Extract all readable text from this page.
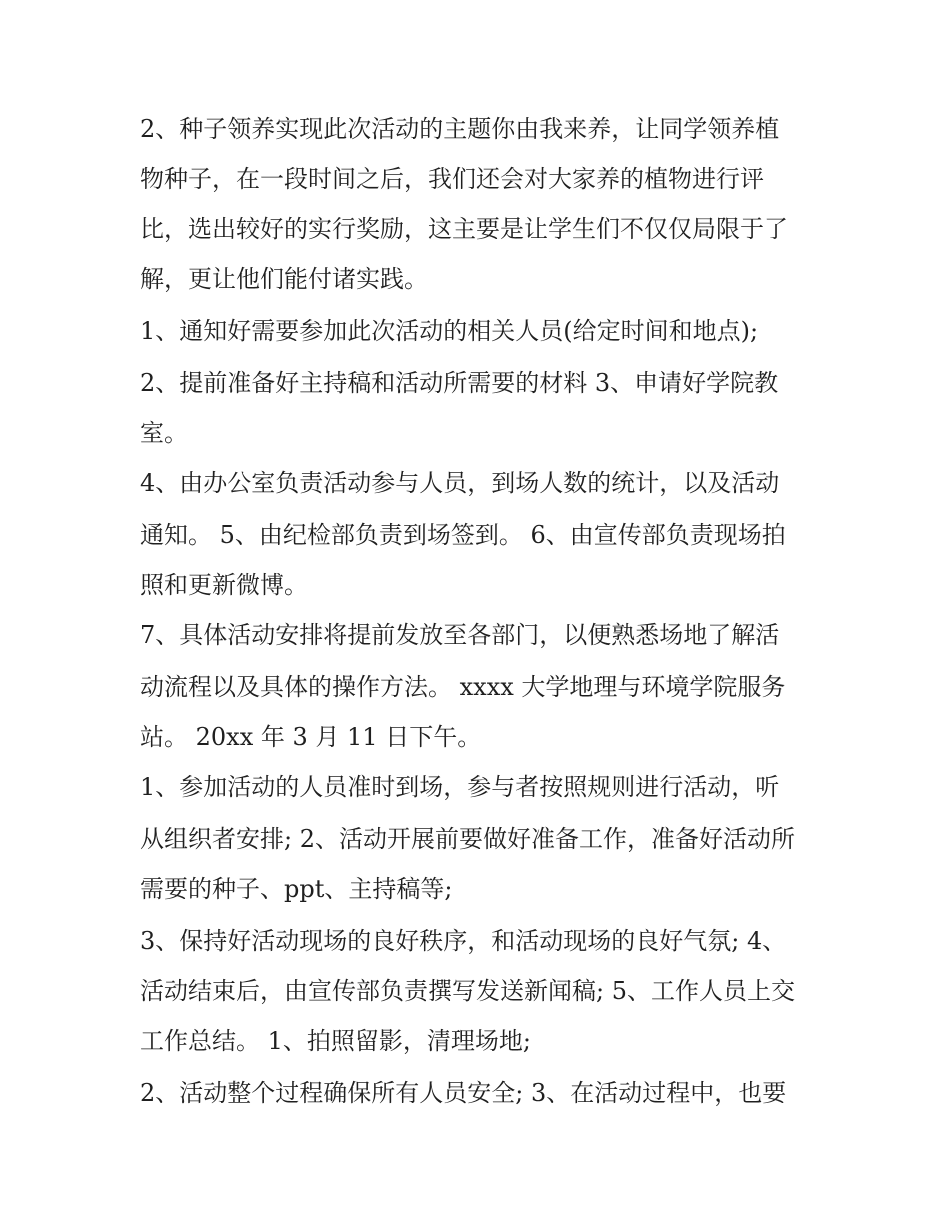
2、种子领养实现此次活动的主题你由我来养，让同学领养植

物种子，在一段时间之后，我们还会对大家养的植物进行评

比，选出较好的实行奖励，这主要是让学生们不仅仅局限于了

解，更让他们能付诸实践。

1、通知好需要参加此次活动的相关人员(给定时间和地点);

2、提前准备好主持稿和活动所需要的材料 3、申请好学院教

室。

4、由办公室负责活动参与人员，到场人数的统计，以及活动

通知。 5、由纪检部负责到场签到。 6、由宣传部负责现场拍

照和更新微博。

7、具体活动安排将提前发放至各部门，以便熟悉场地了解活

动流程以及具体的操作方法。 xxxx 大学地理与环境学院服务

站。 20xx 年 3 月 11 日下午。

1、参加活动的人员准时到场，参与者按照规则进行活动，听

从组织者安排; 2、活动开展前要做好准备工作，准备好活动所

需要的种子、ppt、主持稿等;

3、保持好活动现场的良好秩序，和活动现场的良好气氛; 4、

活动结束后，由宣传部负责撰写发送新闻稿; 5、工作人员上交

工作总结。 1、拍照留影，清理场地;

2、活动整个过程确保所有人员安全; 3、在活动过程中，也要
